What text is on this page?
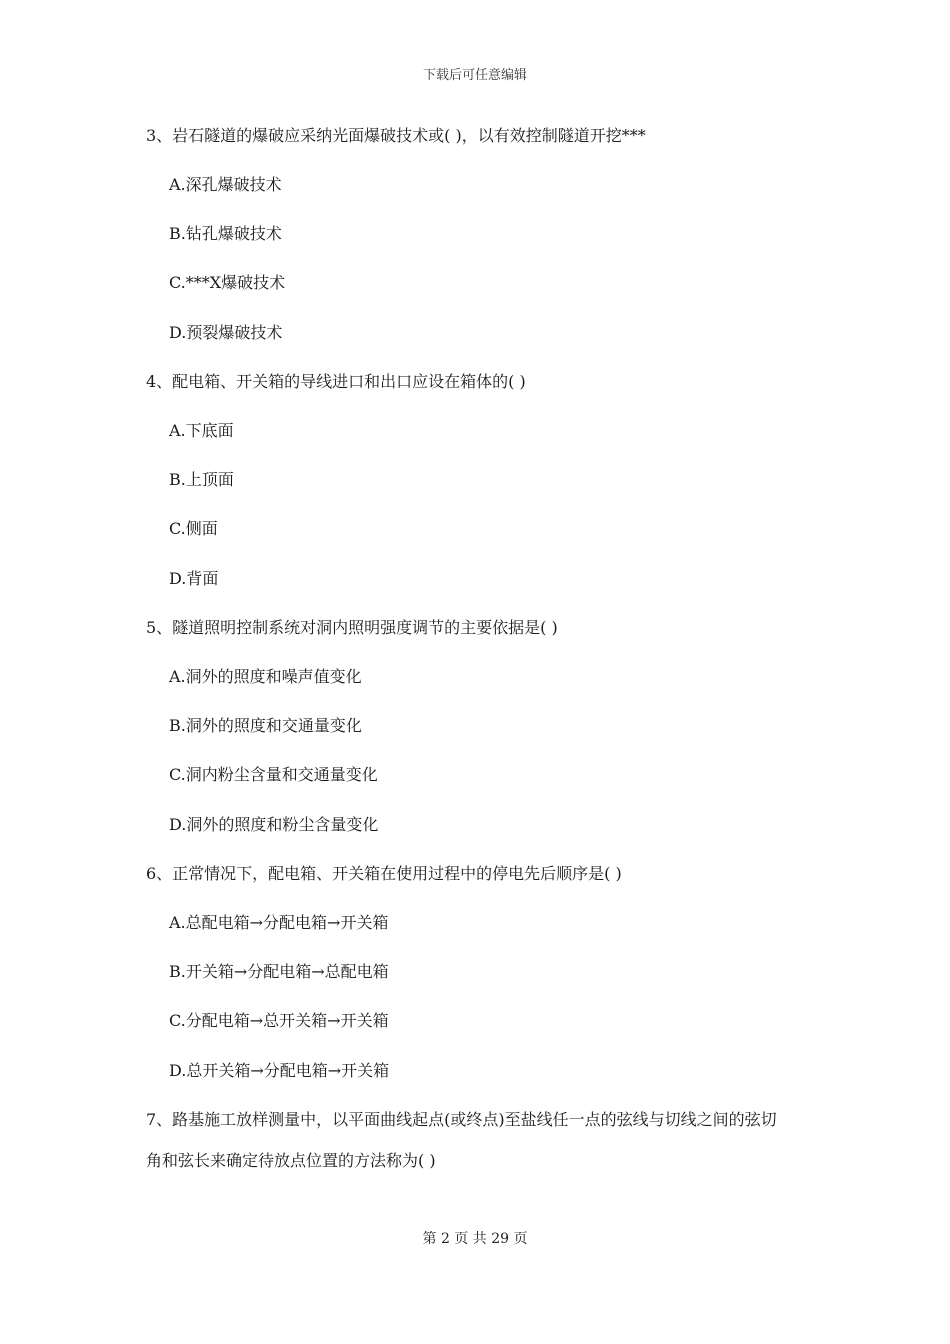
下载后可任意编辑
3、岩石隧道的爆破应采纳光面爆破技术或( )，以有效控制隧道开挖***
A.深孔爆破技术
B.钻孔爆破技术
C.***X爆破技术
D.预裂爆破技术
4、配电箱、开关箱的导线进口和出口应设在箱体的( )
A.下底面
B.上顶面
C.侧面
D.背面
5、隧道照明控制系统对洞内照明强度调节的主要依据是( )
A.洞外的照度和噪声值变化
B.洞外的照度和交通量变化
C.洞内粉尘含量和交通量变化
D.洞外的照度和粉尘含量变化
6、正常情况下，配电箱、开关箱在使用过程中的停电先后顺序是( )
A.总配电箱→分配电箱→开关箱
B.开关箱→分配电箱→总配电箱
C.分配电箱→总开关箱→开关箱
D.总开关箱→分配电箱→开关箱
7、路基施工放样测量中，以平面曲线起点(或终点)至盐线任一点的弦线与切线之间的弦切
角和弦长来确定待放点位置的方法称为( )
第 2 页 共 29 页
